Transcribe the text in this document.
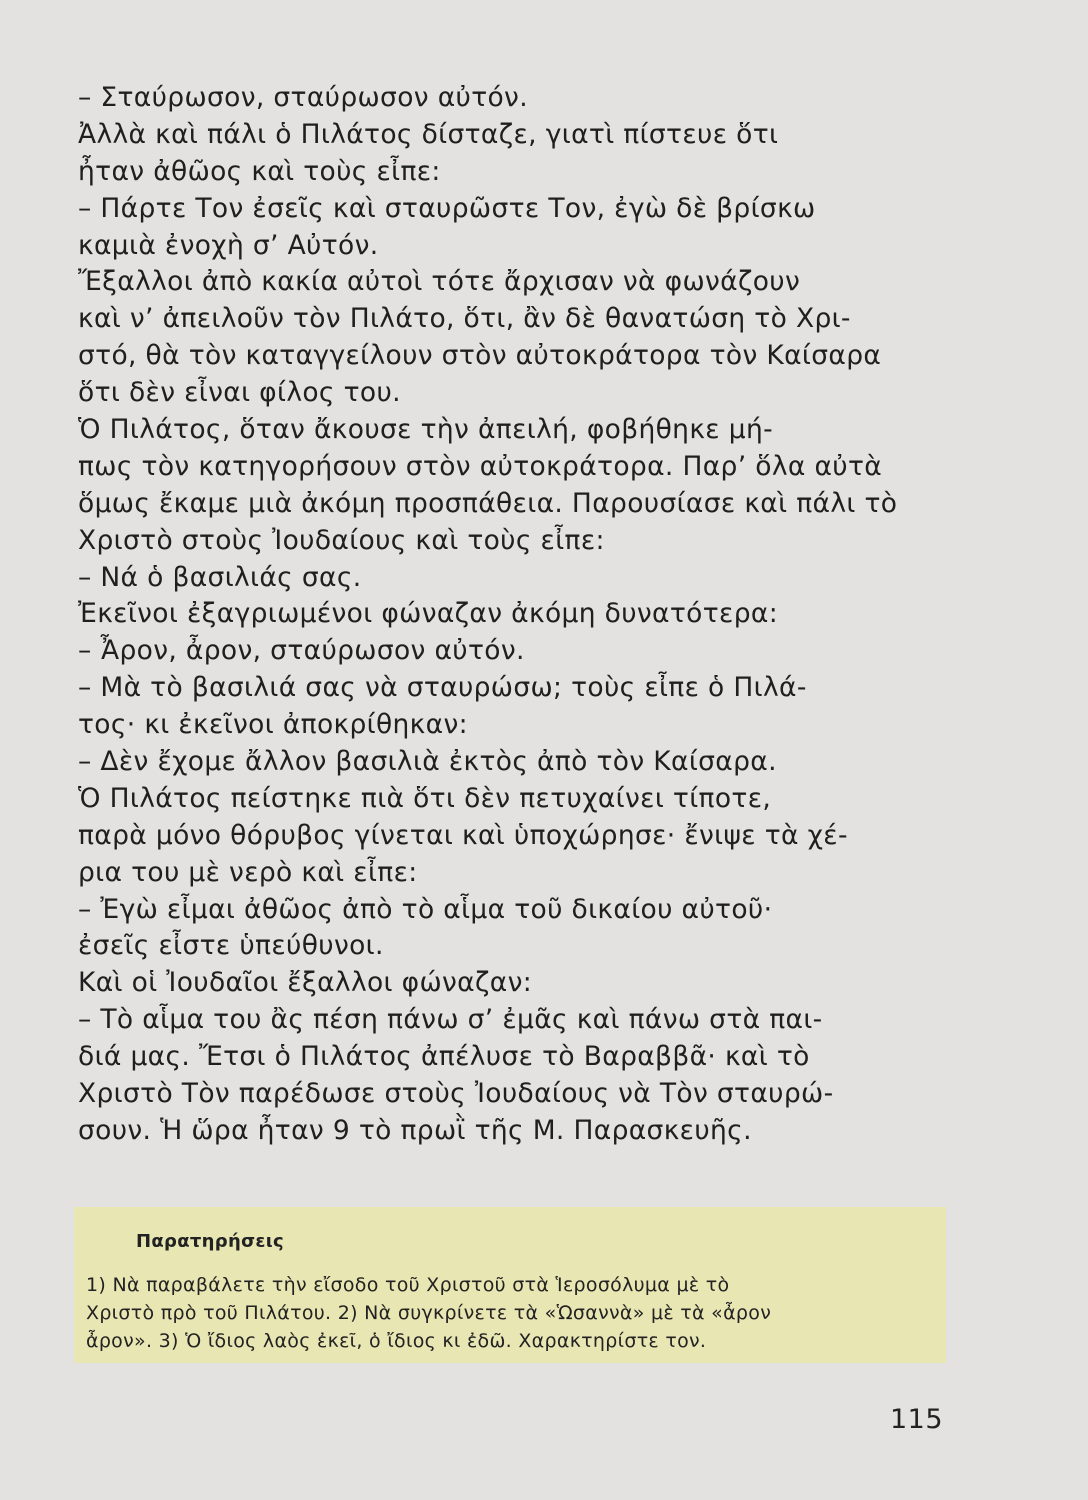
– Σταύρωσον, σταύρωσον αὐτόν.
Ἀλλὰ καὶ πάλι ὁ Πιλάτος δίσταζε, γιατὶ πίστευε ὅτι
ἦταν ἀθῶος καὶ τοὺς εἶπε:
– Πάρτε Τον ἐσεῖς καὶ σταυρῶστε Τον, ἐγὼ δὲ βρίσκω
καμιὰ ἐνοχὴ σ’ Αὐτόν.
Ἔξαλλοι ἀπὸ κακία αὐτοὶ τότε ἄρχισαν νὰ φωνάζουν
καὶ ν’ ἀπειλοῦν τὸν Πιλάτο, ὅτι, ἂν δὲ θανατώση τὸ Χρι-
στό, θὰ τὸν καταγγείλουν στὸν αὐτοκράτορα τὸν Καίσαρα
ὅτι δὲν εἶναι φίλος του.
Ὁ Πιλάτος, ὅταν ἄκουσε τὴν ἀπειλή, φοβήθηκε μή-
πως τὸν κατηγορήσουν στὸν αὐτοκράτορα. Παρ’ ὅλα αὐτὰ
ὅμως ἔκαμε μιὰ ἀκόμη προσπάθεια. Παρουσίασε καὶ πάλι τὸ
Χριστὸ στοὺς Ἰουδαίους καὶ τοὺς εἶπε:
– Νά ὁ βασιλιάς σας.
Ἐκεῖνοι ἐξαγριωμένοι φώναζαν ἀκόμη δυνατότερα:
– Ἆρον, ἆρον, σταύρωσον αὐτόν.
– Μὰ τὸ βασιλιά σας νὰ σταυρώσω; τοὺς εἶπε ὁ Πιλά-
τος· κι ἐκεῖνοι ἀποκρίθηκαν:
– Δὲν ἔχομε ἄλλον βασιλιὰ ἐκτὸς ἀπὸ τὸν Καίσαρα.
Ὁ Πιλάτος πείστηκε πιὰ ὅτι δὲν πετυχαίνει τίποτε,
παρὰ μόνο θόρυβος γίνεται καὶ ὑποχώρησε· ἔνιψε τὰ χέ-
ρια του μὲ νερὸ καὶ εἶπε:
– Ἐγὼ εἶμαι ἀθῶος ἀπὸ τὸ αἷμα τοῦ δικαίου αὐτοῦ·
ἐσεῖς εἶστε ὑπεύθυνοι.
Καὶ οἱ Ἰουδαῖοι ἔξαλλοι φώναζαν:
– Τὸ αἷμα του ἂς πέση πάνω σ’ ἐμᾶς καὶ πάνω στὰ παι-
διά μας. Ἔτσι ὁ Πιλάτος ἀπέλυσε τὸ Βαραββᾶ· καὶ τὸ
Χριστὸ Τὸν παρέδωσε στοὺς Ἰουδαίους νὰ Τὸν σταυρώ-
σουν. Ἡ ὥρα ἦταν 9 τὸ πρωῒ τῆς Μ. Παρασκευῆς.
Παρατηρήσεις
1) Νὰ παραβάλετε τὴν εἴσοδο τοῦ Χριστοῦ στὰ Ἱεροσόλυμα μὲ τὸ
Χριστὸ πρὸ τοῦ Πιλάτου. 2) Νὰ συγκρίνετε τὰ «Ὡσαννὰ» μὲ τὰ «ἆρον
ἆρον». 3) Ὁ ἴδιος λαὸς ἐκεῖ, ὁ ἴδιος κι ἐδῶ. Χαρακτηρίστε τον.
115
